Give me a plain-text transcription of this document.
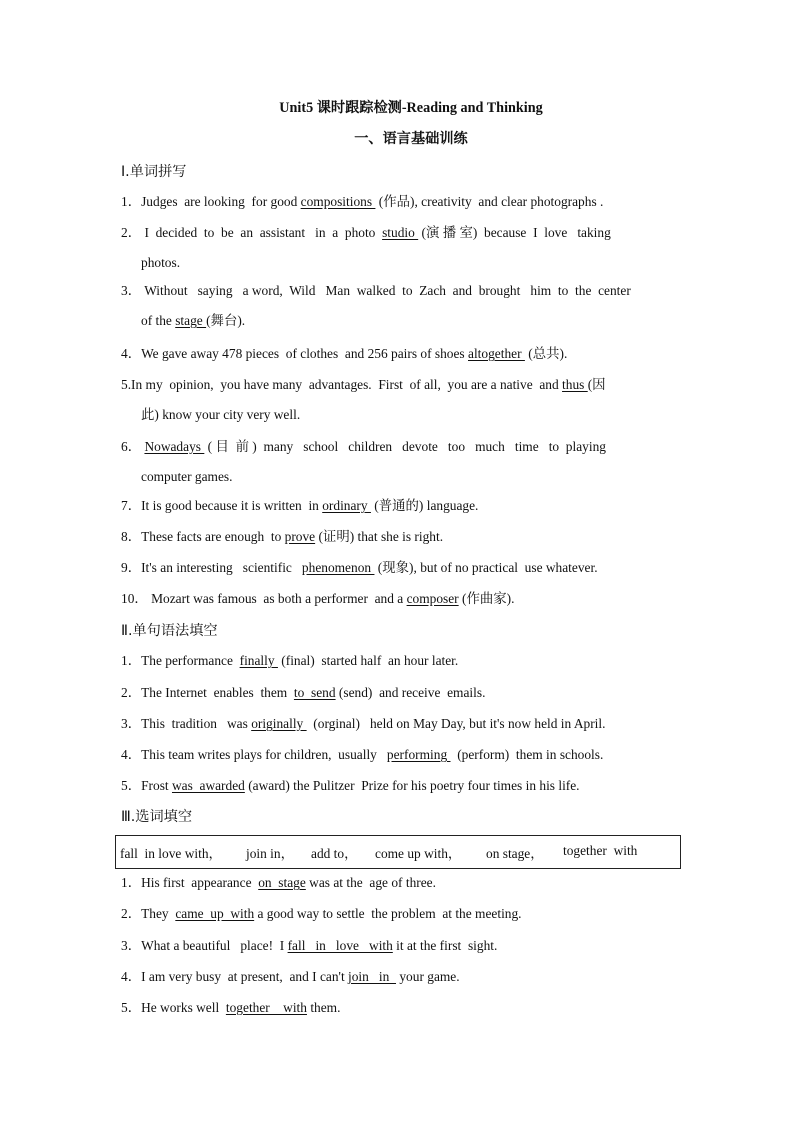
Unit5 课时跟踪检测-Reading and Thinking
一、语言基础训练
Ⅰ.单词拼写
1．Judges  are looking  for good compositions  (作品), creativity  and clear photographs .
2． I  decided  to  be  an  assistant   in  a  photo  studio  (演 播 室)  because  I  love   taking
photos.
3． Without   saying   a word,  Wild   Man  walked  to  Zach  and  brought   him  to  the  center
of the stage (舞台).
4．We gave away 478 pieces  of clothes  and 256 pairs of shoes altogether  (总共).
5.In my  opinion,  you have many  advantages.  First  of all,  you are a native  and thus (因
此) know your city very well.
6． Nowadays  ( 目  前 )  many   school   children   devote   too   much   time   to  playing
computer games.
7．It is good because it is written  in ordinary  (普通的) language.
8．These facts are enough  to prove (证明) that she is right.
9．It's an interesting   scientific   phenomenon  (现象), but of no practical  use whatever.
10． Mozart was famous  as both a performer  and a composer (作曲家).
Ⅱ.单句语法填空
1．The performance  finally  (final)  started half  an hour later.
2．The Internet  enables  them  to  send (send)  and receive  emails.
3．This  tradition   was originally   (orginal)   held on May Day, but it's now held in April.
4．This team writes plays for children,  usually   performing   (perform)  them in schools.
5．Frost was  awarded (award) the Pulitzer  Prize for his poetry four times in his life.
Ⅲ.选词填空
fall  in love with， join in， add to， come up with， on stage， together  with
1．His first  appearance  on  stage was at the  age of three.
2．They  came  up  with a good way to settle  the problem  at the meeting.
3．What a beautiful   place!  I fall   in   love   with it at the first  sight.
4．I am very busy  at present,  and I can't join   in   your game.
5．He works well  together    with them.
